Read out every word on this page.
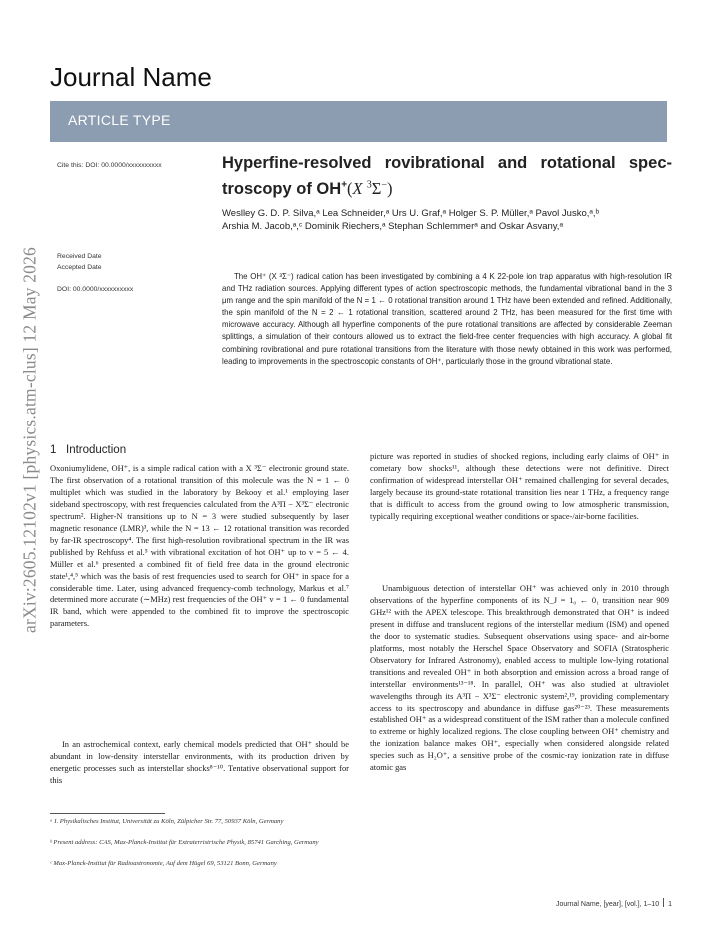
Journal Name
ARTICLE TYPE
arXiv:2605.12102v1 [physics.atm-clus] 12 May 2026
Cite this: DOI: 00.0000/xxxxxxxxxx
Received Date
Accepted Date
DOI: 00.0000/xxxxxxxxxx
Hyperfine-resolved rovibrational and rotational spec-
troscopy of OH+(X $^3$Σ−)
Weslley G. D. P. Silva,ᵃ Lea Schneider,ᵃ Urs U. Graf,ᵃ Holger S. P. Müller,ᵃ Pavol Jusko,ᵃ,ᵇ
Arshia M. Jacob,ᵃ,ᶜ Dominik Riechers,ᵃ Stephan Schlemmerᵃ and Oskar Asvany,ᵃ

The OH⁺ (X ³Σ⁻) radical cation has been investigated by combining a 4 K 22-pole ion trap apparatus with high-resolution IR and THz radiation sources. Applying different types of action spectroscopic methods, the fundamental vibrational band in the 3 μm range and the spin manifold of the N = 1 ← 0 rotational transition around 1 THz have been extended and refined. Additionally, the spin manifold of the N = 2 ← 1 rotational transition, scattered around 2 THz, has been measured for the first time with microwave accuracy. Although all hyperfine components of the pure rotational transitions are affected by considerable Zeeman splittings, a simulation of their contours allowed us to extract the field-free center frequencies with high accuracy. A global fit combining rovibrational and pure rotational transitions from the literature with those newly obtained in this work was performed, leading to improvements in the spectroscopic constants of OH⁺, particularly those in the ground vibrational state.

1 Introduction

Oxoniumylidene, OH⁺, is a simple radical cation with a X ³Σ⁻ electronic ground state. The first observation of a rotational transition of this molecule was the N = 1 ← 0 multiplet which was studied in the laboratory by Bekooy et al.¹ employing laser sideband spectroscopy, with rest frequencies calculated from the A³Π − X³Σ⁻ electronic spectrum². Higher-N transitions up to N = 3 were studied subsequently by laser magnetic resonance (LMR)³, while the N = 13 ← 12 rotational transition was recorded by far-IR spectroscopy⁴. The first high-resolution rovibrational spectrum in the IR was published by Rehfuss et al.⁵ with vibrational excitation of hot OH⁺ up to v = 5 ← 4. Müller et al.⁶ presented a combined fit of field free data in the ground electronic state¹,⁴,⁵ which was the basis of rest frequencies used to search for OH⁺ in space for a considerable time. Later, using advanced frequency-comb technology, Markus et al.⁷ determined more accurate (∼MHz) rest frequencies of the OH⁺ v = 1 ← 0 fundamental IR band, which were appended to the combined fit to improve the spectroscopic parameters.

In an astrochemical context, early chemical models predicted that OH⁺ should be abundant in low-density interstellar environments, with its production driven by energetic processes such as interstellar shocks⁸⁻¹⁰. Tentative observational support for this

picture was reported in studies of shocked regions, including early claims of OH⁺ in cometary bow shocks¹¹, although these detections were not definitive. Direct confirmation of widespread interstellar OH⁺ remained challenging for several decades, largely because its ground-state rotational transition lies near 1 THz, a frequency range that is difficult to access from the ground owing to low atmospheric transmission, typically requiring exceptional weather conditions or space-/air-borne facilities.

Unambiguous detection of interstellar OH⁺ was achieved only in 2010 through observations of the hyperfine components of its N_J = 1₀ ← 0₁ transition near 909 GHz¹² with the APEX telescope. This breakthrough demonstrated that OH⁺ is indeed present in diffuse and translucent regions of the interstellar medium (ISM) and opened the door to systematic studies. Subsequent observations using space- and air-borne platforms, most notably the Herschel Space Observatory and SOFIA (Stratospheric Observatory for Infrared Astronomy), enabled access to multiple low-lying rotational transitions and revealed OH⁺ in both absorption and emission across a broad range of interstellar environments¹³⁻¹⁸. In parallel, OH⁺ was also studied at ultraviolet wavelengths through its A³Π − X³Σ⁻ electronic system²,¹⁹, providing complementary access to its spectroscopy and abundance in diffuse gas²⁰⁻²³. These measurements established OH⁺ as a widespread constituent of the ISM rather than a molecule confined to extreme or highly localized regions. The close coupling between OH⁺ chemistry and the ionization balance makes OH⁺, especially when considered alongside related species such as H₂O⁺, a sensitive probe of the cosmic-ray ionization rate in diffuse atomic gas

ᵃ I. Physikalisches Institut, Universität zu Köln, Zülpicher Str. 77, 50937 Köln, Germany

ᵇ Present address: CAS, Max-Planck-Institut für Extraterristrische Physik, 85741 Garching, Germany

ᶜ Max-Planck-Institut für Radioastronomie, Auf dem Hügel 69, 53121 Bonn, Germany

Journal Name, [year], [vol.], 1–10 1
